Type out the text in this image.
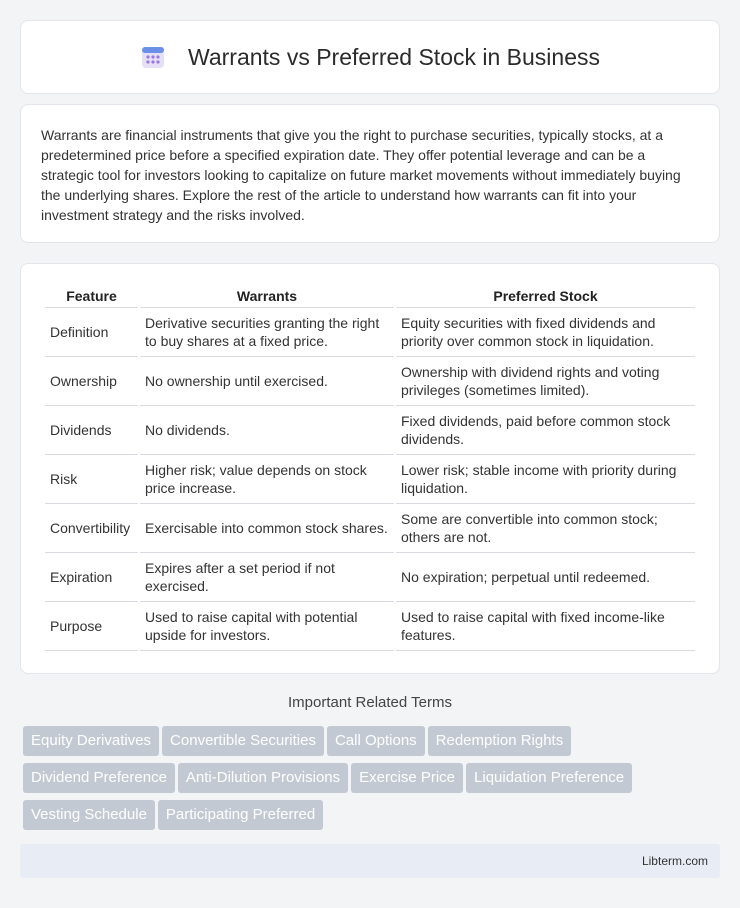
Warrants vs Preferred Stock in Business

Warrants are financial instruments that give you the right to purchase securities, typically stocks, at a predetermined price before a specified expiration date. They offer potential leverage and can be a strategic tool for investors looking to capitalize on future market movements without immediately buying the underlying shares. Explore the rest of the article to understand how warrants can fit into your investment strategy and the risks involved.

Feature	Warrants	Preferred Stock
Definition	Derivative securities granting the right to buy shares at a fixed price.	Equity securities with fixed dividends and priority over common stock in liquidation.
Ownership	No ownership until exercised.	Ownership with dividend rights and voting privileges (sometimes limited).
Dividends	No dividends.	Fixed dividends, paid before common stock dividends.
Risk	Higher risk; value depends on stock price increase.	Lower risk; stable income with priority during liquidation.
Convertibility	Exercisable into common stock shares.	Some are convertible into common stock; others are not.
Expiration	Expires after a set period if not exercised.	No expiration; perpetual until redeemed.
Purpose	Used to raise capital with potential upside for investors.	Used to raise capital with fixed income-like features.
Important Related Terms
Equity Derivatives Convertible Securities Call Options Redemption Rights
Dividend Preference Anti-Dilution Provisions Exercise Price Liquidation Preference
Vesting Schedule Participating Preferred
Libterm.com
